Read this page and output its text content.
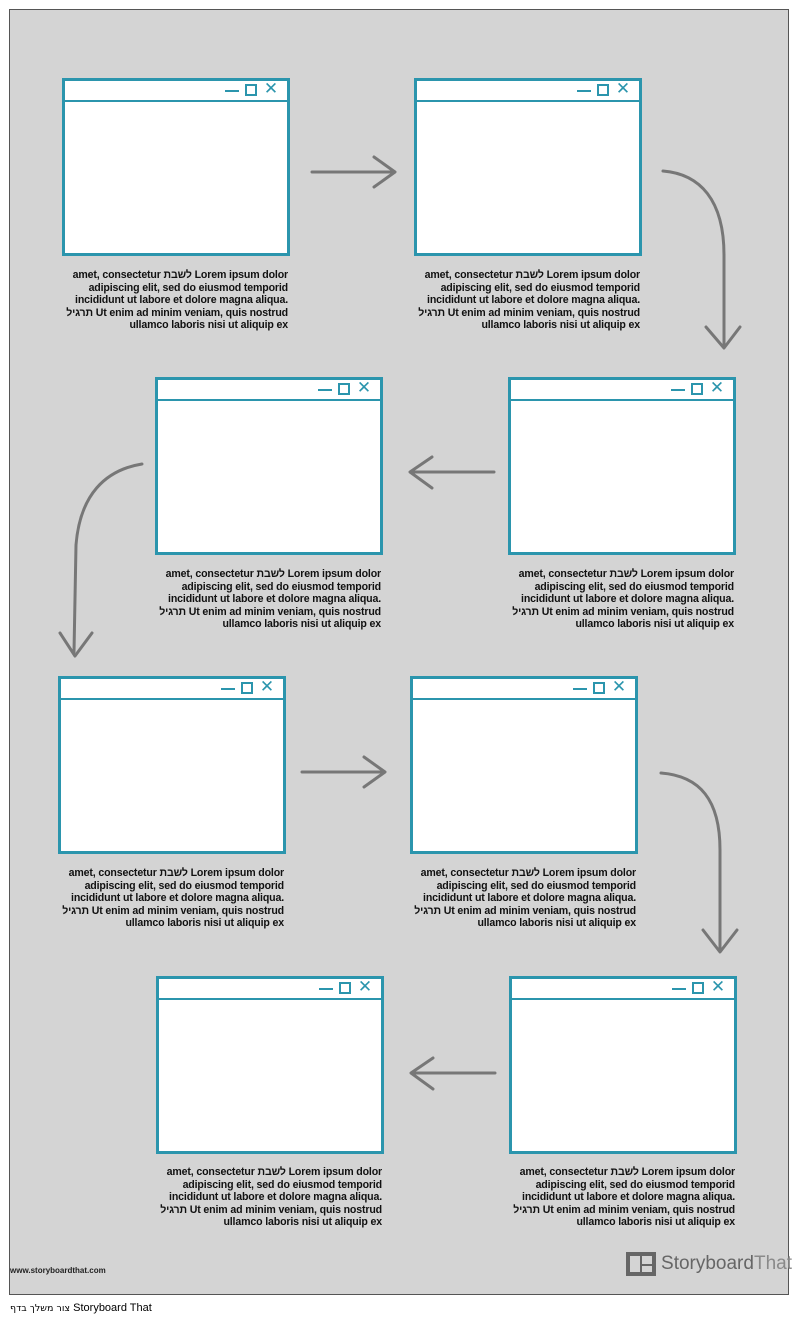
✕
amet, consectetur לשבת Lorem ipsum dolor
adipiscing elit, sed do eiusmod temporid
incididunt ut labore et dolore magna aliqua.
תרגיל Ut enim ad minim veniam, quis nostrud
ullamco laboris nisi ut aliquip ex
✕
amet, consectetur לשבת Lorem ipsum dolor
adipiscing elit, sed do eiusmod temporid
incididunt ut labore et dolore magna aliqua.
תרגיל Ut enim ad minim veniam, quis nostrud
ullamco laboris nisi ut aliquip ex
✕
amet, consectetur לשבת Lorem ipsum dolor
adipiscing elit, sed do eiusmod temporid
incididunt ut labore et dolore magna aliqua.
תרגיל Ut enim ad minim veniam, quis nostrud
ullamco laboris nisi ut aliquip ex
✕
amet, consectetur לשבת Lorem ipsum dolor
adipiscing elit, sed do eiusmod temporid
incididunt ut labore et dolore magna aliqua.
תרגיל Ut enim ad minim veniam, quis nostrud
ullamco laboris nisi ut aliquip ex
✕
amet, consectetur לשבת Lorem ipsum dolor
adipiscing elit, sed do eiusmod temporid
incididunt ut labore et dolore magna aliqua.
תרגיל Ut enim ad minim veniam, quis nostrud
ullamco laboris nisi ut aliquip ex
✕
amet, consectetur לשבת Lorem ipsum dolor
adipiscing elit, sed do eiusmod temporid
incididunt ut labore et dolore magna aliqua.
תרגיל Ut enim ad minim veniam, quis nostrud
ullamco laboris nisi ut aliquip ex
✕
amet, consectetur לשבת Lorem ipsum dolor
adipiscing elit, sed do eiusmod temporid
incididunt ut labore et dolore magna aliqua.
תרגיל Ut enim ad minim veniam, quis nostrud
ullamco laboris nisi ut aliquip ex
✕
amet, consectetur לשבת Lorem ipsum dolor
adipiscing elit, sed do eiusmod temporid
incididunt ut labore et dolore magna aliqua.
תרגיל Ut enim ad minim veniam, quis nostrud
ullamco laboris nisi ut aliquip ex
www.storyboardthat.com	StoryboardThat
צור משלך בדף Storyboard That
